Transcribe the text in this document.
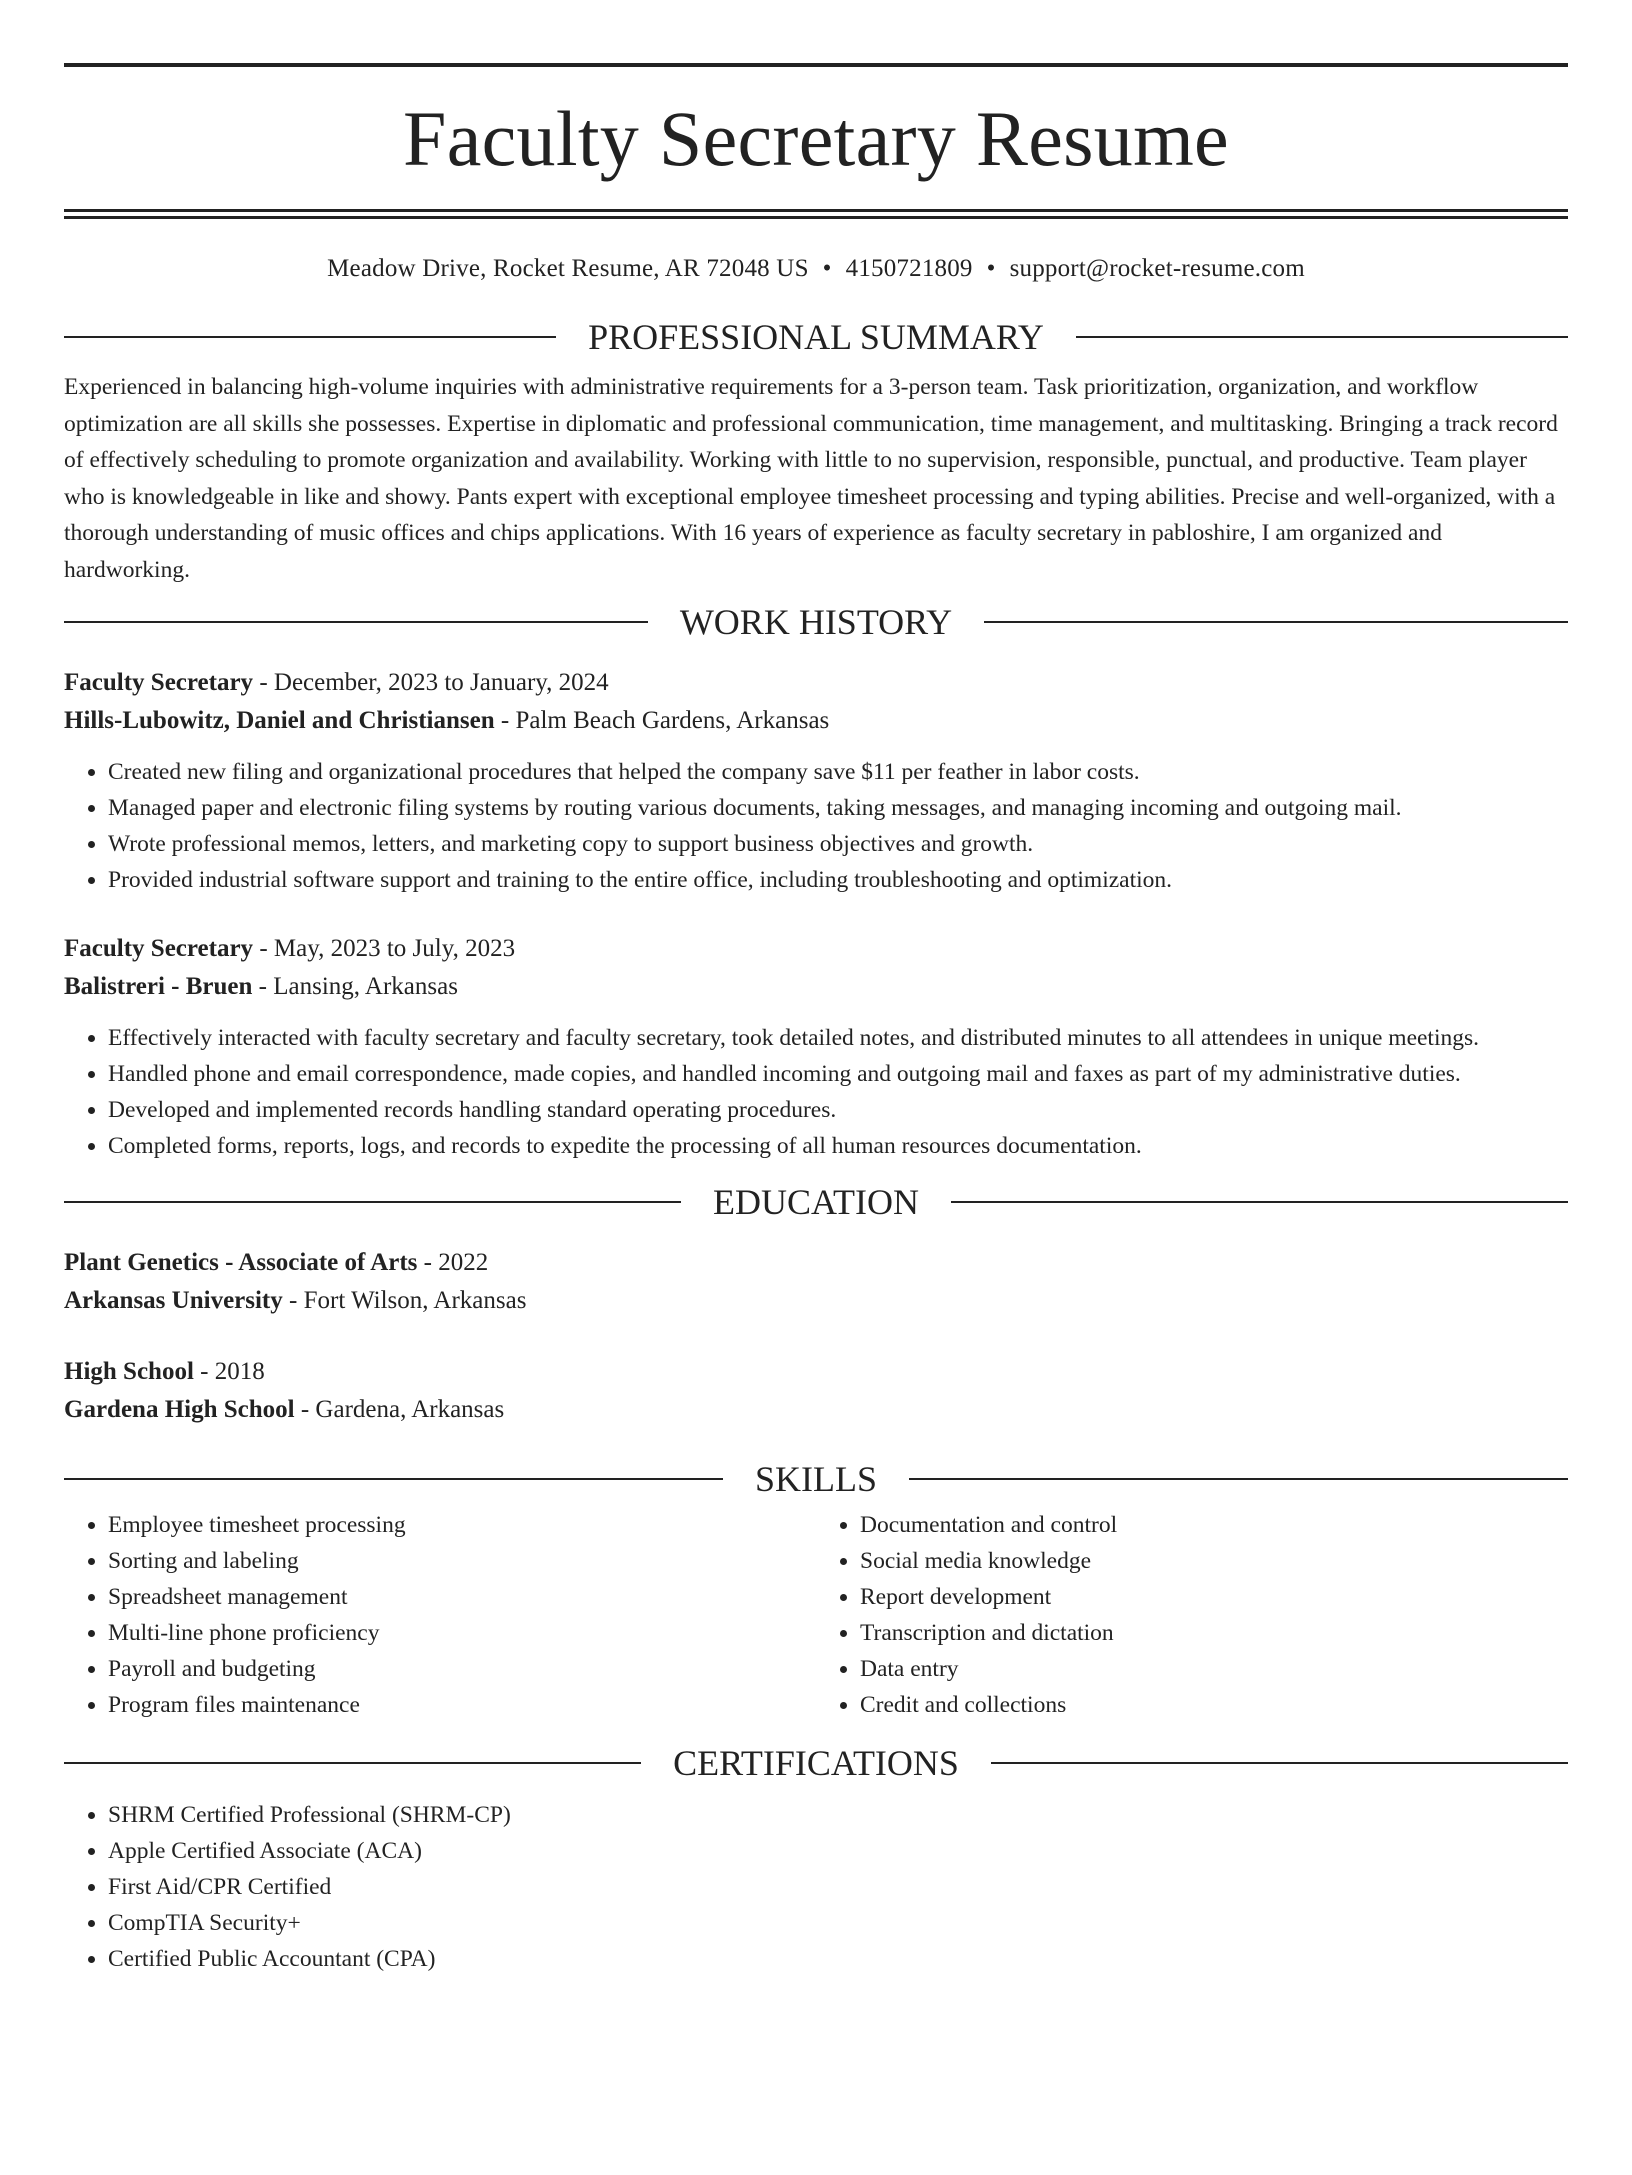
Faculty Secretary Resume
Meadow Drive, Rocket Resume, AR 72048 US • 4150721809 • support@rocket-resume.com
PROFESSIONAL SUMMARY

Experienced in balancing high-volume inquiries with administrative requirements for a 3-person team. Task prioritization, organization, and workflow optimization are all skills she possesses. Expertise in diplomatic and professional communication, time management, and multitasking. Bringing a track record of effectively scheduling to promote organization and availability. Working with little to no supervision, responsible, punctual, and productive. Team player who is knowledgeable in like and showy. Pants expert with exceptional employee timesheet processing and typing abilities. Precise and well-organized, with a thorough understanding of music offices and chips applications. With 16 years of experience as faculty secretary in pabloshire, I am organized and hardworking.

WORK HISTORY
Faculty Secretary - December, 2023 to January, 2024
Hills-Lubowitz, Daniel and Christiansen - Palm Beach Gardens, Arkansas
• Created new filing and organizational procedures that helped the company save $11 per feather in labor costs.
• Managed paper and electronic filing systems by routing various documents, taking messages, and managing incoming and outgoing mail.
• Wrote professional memos, letters, and marketing copy to support business objectives and growth.
• Provided industrial software support and training to the entire office, including troubleshooting and optimization.
Faculty Secretary - May, 2023 to July, 2023
Balistreri - Bruen - Lansing, Arkansas
• Effectively interacted with faculty secretary and faculty secretary, took detailed notes, and distributed minutes to all attendees in unique meetings.
• Handled phone and email correspondence, made copies, and handled incoming and outgoing mail and faxes as part of my administrative duties.
• Developed and implemented records handling standard operating procedures.
• Completed forms, reports, logs, and records to expedite the processing of all human resources documentation.
EDUCATION
Plant Genetics - Associate of Arts - 2022
Arkansas University - Fort Wilson, Arkansas
High School - 2018
Gardena High School - Gardena, Arkansas
SKILLS
• Employee timesheet processing
• Sorting and labeling
• Spreadsheet management
• Multi-line phone proficiency
• Payroll and budgeting
• Program files maintenance
• Documentation and control
• Social media knowledge
• Report development
• Transcription and dictation
• Data entry
• Credit and collections
CERTIFICATIONS
• SHRM Certified Professional (SHRM-CP)
• Apple Certified Associate (ACA)
• First Aid/CPR Certified
• CompTIA Security+
• Certified Public Accountant (CPA)
